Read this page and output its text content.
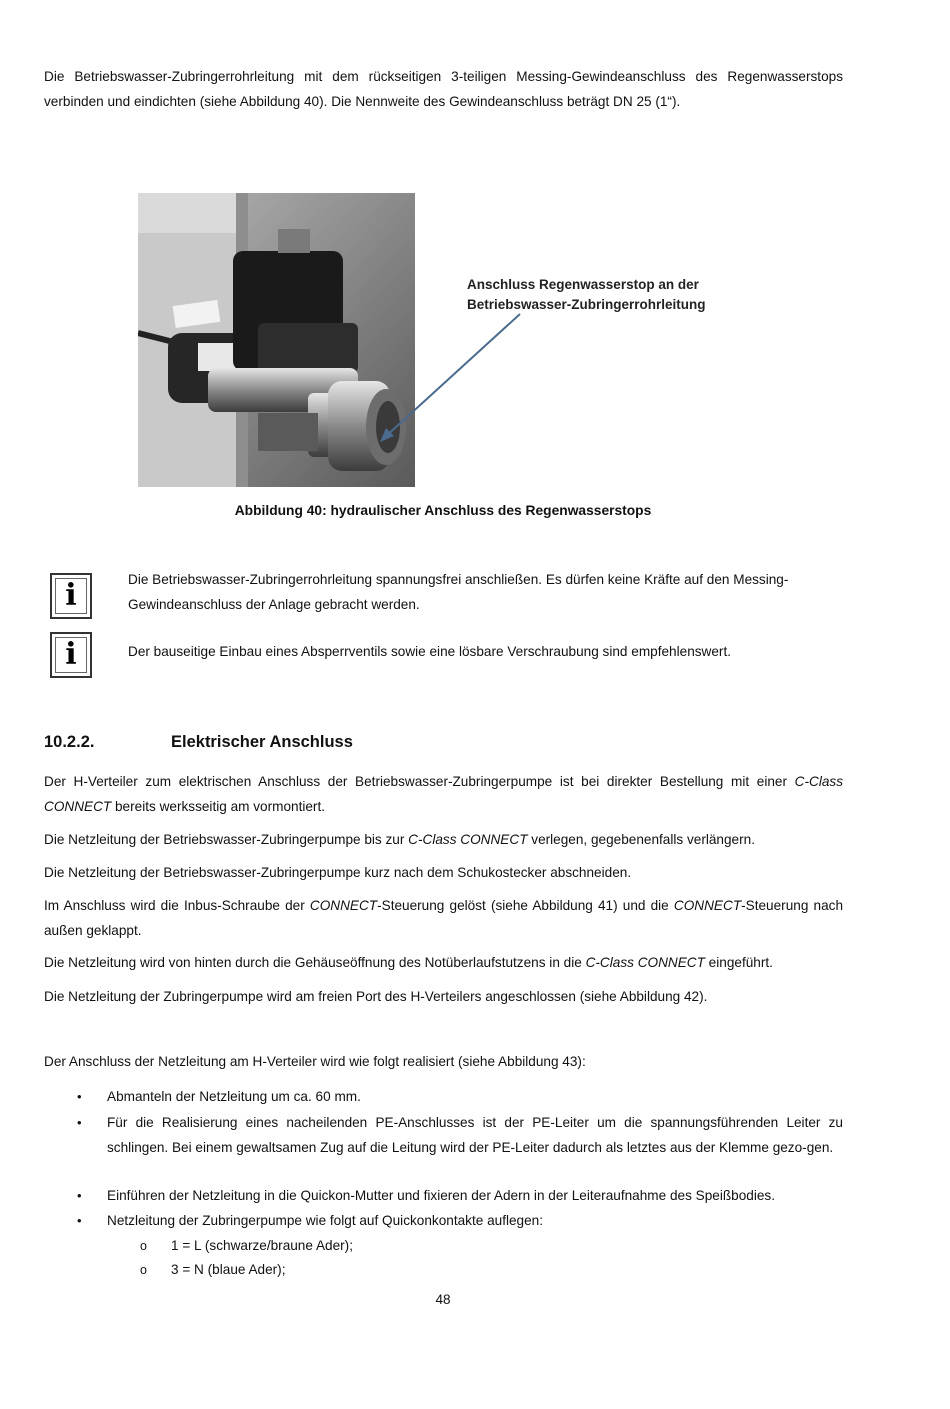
Die Betriebswasser-Zubringerrohrleitung mit dem rückseitigen 3-teiligen Messing-Gewindeanschluss des Regenwasserstops
verbinden und eindichten (siehe Abbildung 40). Die Nennweite des Gewindeanschluss beträgt DN 25 (1“).
Anschluss Regenwasserstop an der
Betriebswasser-Zubringerrohrleitung
Abbildung 40: hydraulischer Anschluss des Regenwasserstops
i	Die Betriebswasser-Zubringerrohrleitung spannungsfrei anschließen. Es dürfen keine Kräfte auf den Messing-
Gewindeanschluss der Anlage gebracht werden.
i	Der bauseitige Einbau eines Absperrventils sowie eine lösbare Verschraubung sind empfehlenswert.
10.2.2.	Elektrischer Anschluss
Der H-Verteiler zum elektrischen Anschluss der Betriebswasser-Zubringerpumpe ist bei direkter Bestellung mit einer C-Class CONNECT bereits werksseitig am vormontiert.
Die Netzleitung der Betriebswasser-Zubringerpumpe bis zur C-Class CONNECT verlegen, gegebenenfalls verlängern.
Die Netzleitung der Betriebswasser-Zubringerpumpe kurz nach dem Schukostecker abschneiden.
Im Anschluss wird die Inbus-Schraube der CONNECT-Steuerung gelöst (siehe Abbildung 41) und die CONNECT-Steuerung nach außen geklappt.
Die Netzleitung wird von hinten durch die Gehäuseöffnung des Notüberlaufstutzens in die C-Class CONNECT eingeführt.
Die Netzleitung der Zubringerpumpe wird am freien Port des H-Verteilers angeschlossen (siehe Abbildung 42).
Der Anschluss der Netzleitung am H-Verteiler wird wie folgt realisiert (siehe Abbildung 43):
• Abmanteln der Netzleitung um ca. 60 mm.
• Für die Realisierung eines nacheilenden PE-Anschlusses ist der PE-Leiter um die spannungsführenden Leiter zu schlingen. Bei einem gewaltsamen Zug auf die Leitung wird der PE-Leiter dadurch als letztes aus der Klemme gezo-gen.
• Einführen der Netzleitung in die Quickon-Mutter und fixieren der Adern in der Leiteraufnahme des Speißbodies.
• Netzleitung der Zubringerpumpe wie folgt auf Quickonkontakte auflegen:
o 1 = L (schwarze/braune Ader);
o 3 = N (blaue Ader);
48
